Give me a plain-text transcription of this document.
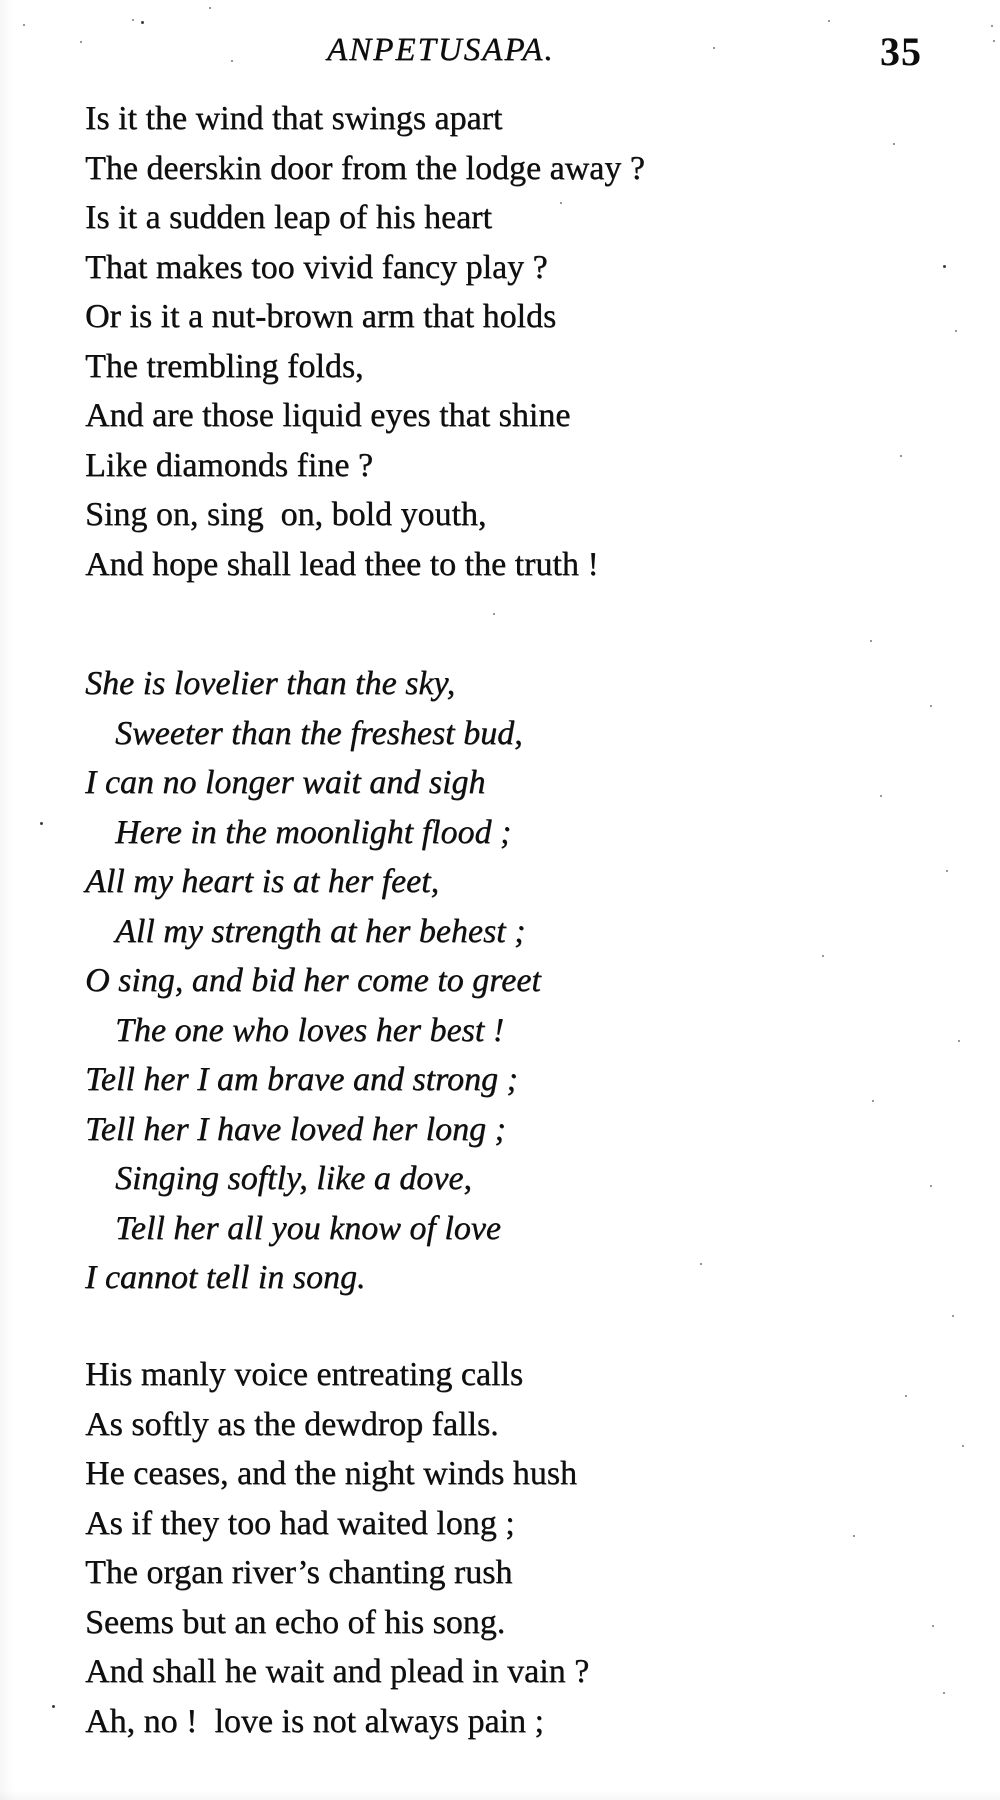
ANPETUSAPA.	35
Is it the wind that swings apart
The deerskin door from the lodge away ?
Is it a sudden leap of his heart
That makes too vivid fancy play ?
Or is it a nut-brown arm that holds
The trembling folds,
And are those liquid eyes that shine
Like diamonds fine ?
Sing on, sing  on, bold youth,
And hope shall lead thee to the truth !
She is lovelier than the sky,
Sweeter than the freshest bud,
I can no longer wait and sigh
Here in the moonlight flood ;
All my heart is at her feet,
All my strength at her behest ;
O sing, and bid her come to greet
The one who loves her best !
Tell her I am brave and strong ;
Tell her I have loved her long ;
Singing softly, like a dove,
Tell her all you know of love
I cannot tell in song.
His manly voice entreating calls
As softly as the dewdrop falls.
He ceases, and the night winds hush
As if they too had waited long ;
The organ river’s chanting rush
Seems but an echo of his song.
And shall he wait and plead in vain ?
Ah, no !  love is not always pain ;
